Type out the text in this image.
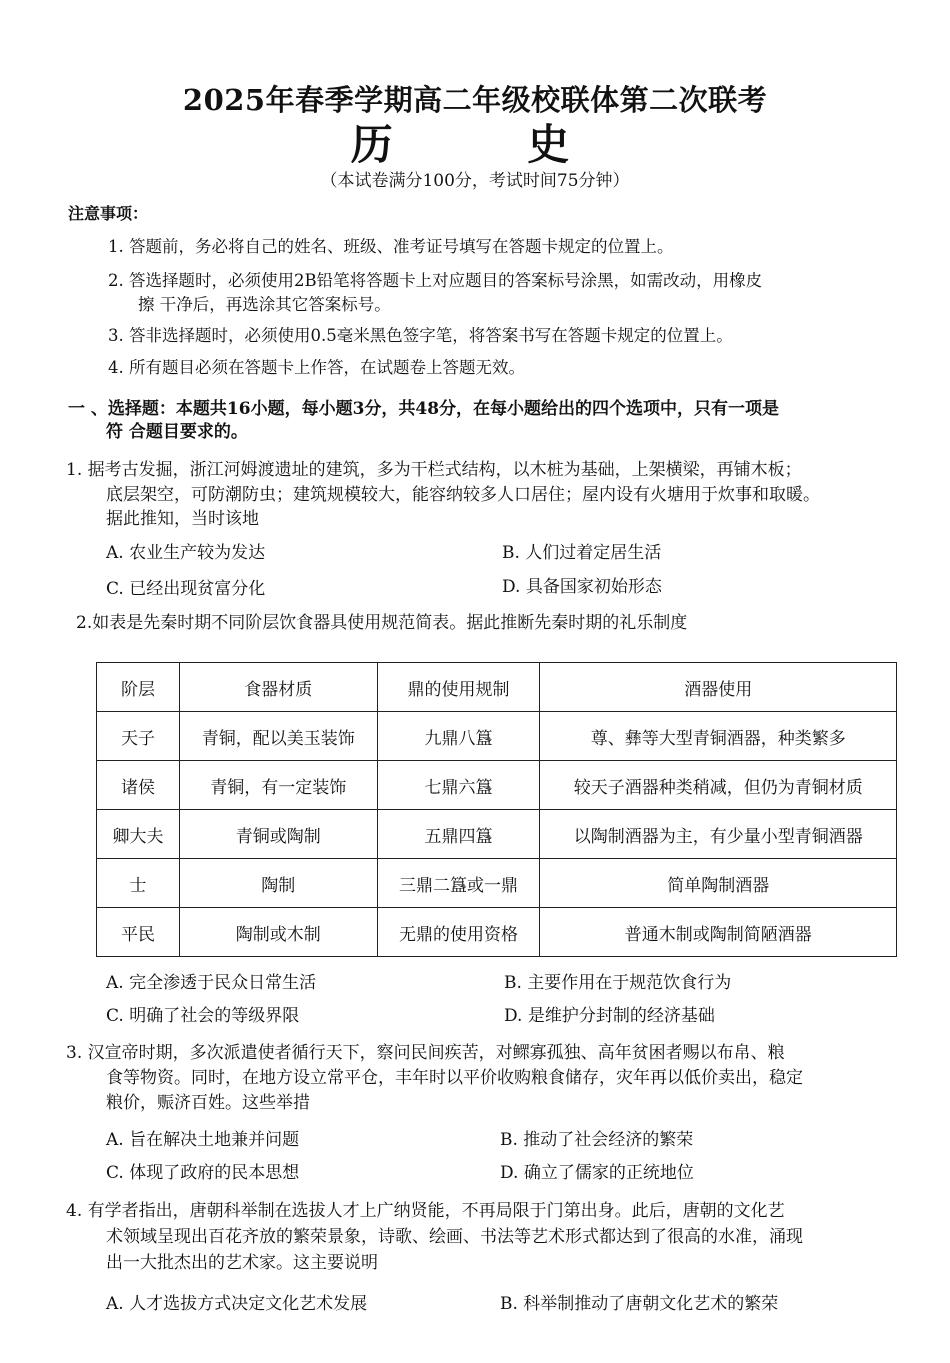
2025年春季学期高二年级校联体第二次联考
历 史
（本试卷满分100分，考试时间75分钟）
注意事项：
1. 答题前，务必将自己的姓名、班级、准考证号填写在答题卡规定的位置上。
2. 答选择题时，必须使用2B铅笔将答题卡上对应题目的答案标号涂黑，如需改动，用橡皮
擦 干净后，再选涂其它答案标号。
3. 答非选择题时，必须使用0.5毫米黑色签字笔，将答案书写在答题卡规定的位置上。
4. 所有题目必须在答题卡上作答，在试题卷上答题无效。
一 、选择题：本题共16小题，每小题3分，共48分，在每小题给出的四个选项中，只有一项是
符 合题目要求的。
1. 据考古发掘，浙江河姆渡遗址的建筑，多为干栏式结构，以木桩为基础，上架横梁，再铺木板；
底层架空，可防潮防虫；建筑规模较大，能容纳较多人口居住；屋内设有火塘用于炊事和取暖。
据此推知，当时该地
A. 农业生产较为发达	B. 人们过着定居生活
C. 已经出现贫富分化	D. 具备国家初始形态
2.如表是先秦时期不同阶层饮食器具使用规范简表。据此推断先秦时期的礼乐制度
阶层	食器材质	鼎的使用规制	酒器使用
天子	青铜，配以美玉装饰	九鼎八簋	尊、彝等大型青铜酒器，种类繁多
诸侯	青铜，有一定装饰	七鼎六簋	较天子酒器种类稍减，但仍为青铜材质
卿大夫	青铜或陶制	五鼎四簋	以陶制酒器为主，有少量小型青铜酒器
士	陶制	三鼎二簋或一鼎	简单陶制酒器
平民	陶制或木制	无鼎的使用资格	普通木制或陶制简陋酒器
A. 完全渗透于民众日常生活	B. 主要作用在于规范饮食行为
C. 明确了社会的等级界限	D. 是维护分封制的经济基础
3. 汉宣帝时期，多次派遣使者循行天下，察问民间疾苦，对鳏寡孤独、高年贫困者赐以布帛、粮
食等物资。同时，在地方设立常平仓，丰年时以平价收购粮食储存，灾年再以低价卖出，稳定
粮价，赈济百姓。这些举措
A. 旨在解决土地兼并问题	B. 推动了社会经济的繁荣
C. 体现了政府的民本思想	D. 确立了儒家的正统地位
4. 有学者指出，唐朝科举制在选拔人才上广纳贤能，不再局限于门第出身。此后，唐朝的文化艺
术领域呈现出百花齐放的繁荣景象，诗歌、绘画、书法等艺术形式都达到了很高的水准，涌现
出一大批杰出的艺术家。这主要说明
A. 人才选拔方式决定文化艺术发展	B. 科举制推动了唐朝文化艺术的繁荣
